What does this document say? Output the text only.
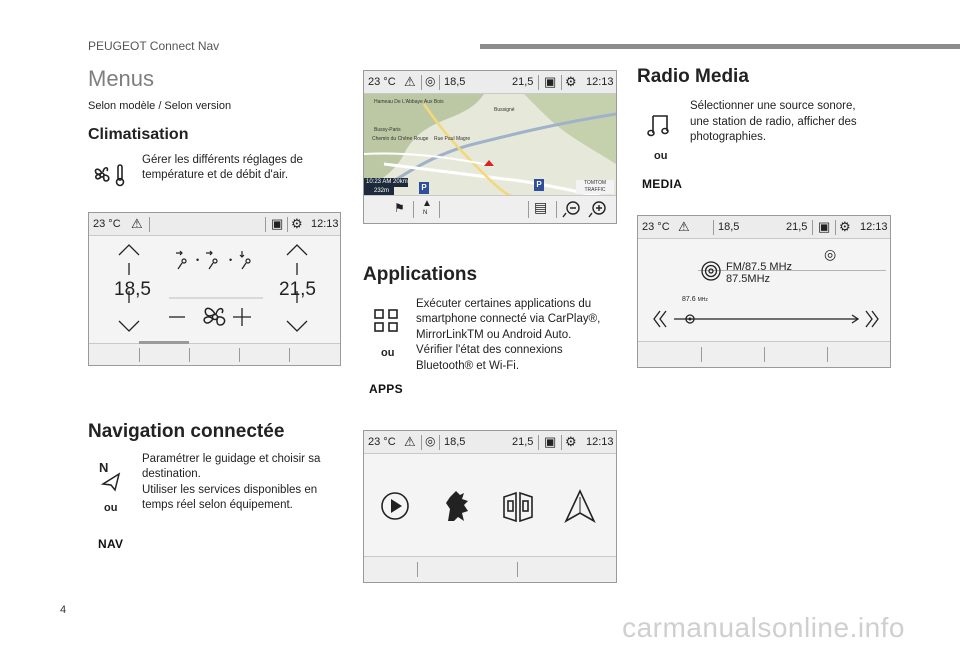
PEUGEOT Connect Nav
Menus
Selon modèle / Selon version
Climatisation
Gérer les différents réglages de
température et de débit d'air.
23 °C ⚠	▣ ⚙ 12:13
•	•
18,5	21,5
Navigation connectée
N
ou
NAV
Paramétrer le guidage et choisir sa
destination.
Utiliser les services disponibles en
temps réel selon équipement.
23 °C ⚠ ◎ 18,5	21,5 ▣ ⚙ 12:13
Hameau De L'Abbaye Aux Bois
Bussigné
Bussy-Paris
Chemin du Chêne Rouge Rue Paul Magre
10:23 AM 20km
232m	P	P	TOMTOM TRAFFIC
⚑ ▲
N	▤
Applications
ou
APPS
Exécuter certaines applications du
smartphone connecté via CarPlay®,
MirrorLinkTM ou Android Auto.
Vérifier l'état des connexions
Bluetooth® et Wi-Fi.
23 °C ⚠ ◎ 18,5	21,5 ▣ ⚙ 12:13
Radio Media
ou
MEDIA
Sélectionner une source sonore,
une station de radio, afficher des
photographies.
23 °C ⚠	18,5	21,5 ▣ ⚙ 12:13
◎
FM/87.5 MHz
87.5MHz
87.6 MHz
4
carmanualsonline.info
